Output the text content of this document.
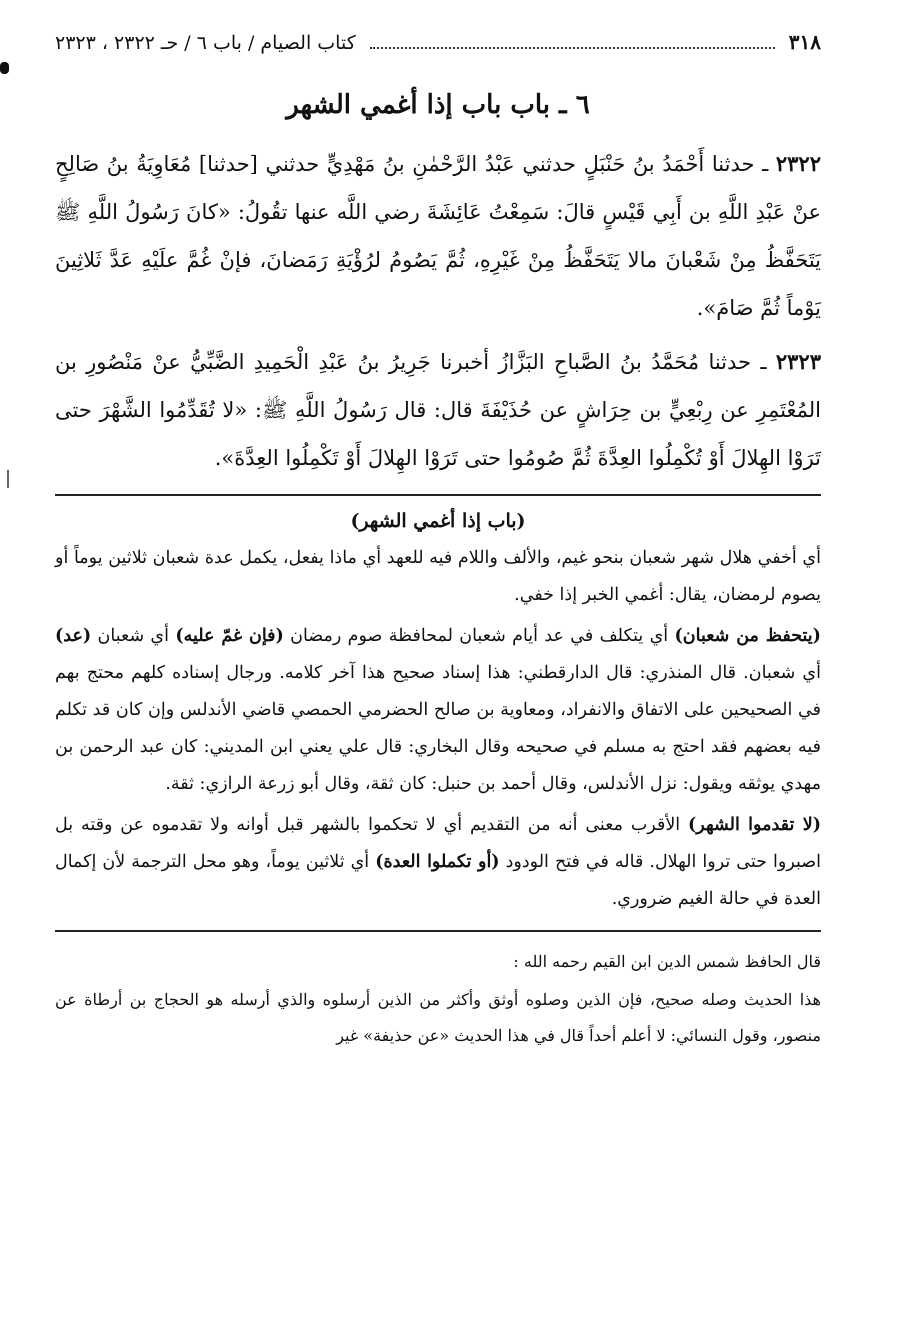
٣١٨
كتاب الصيام / باب ٦ / حـ ٢٣٢٢ ، ٢٣٢٣
٦ ـ باب باب إذا أغمي الشهر

٢٣٢٢ ـ حدثنا أَحْمَدُ بنُ حَنْبَلٍ حدثني عَبْدُ الرَّحْمٰنِ بنُ مَهْدِيٍّ حدثني [حدثنا] مُعَاوِيَةُ بنُ صَالِحٍ عنْ عَبْدِ اللَّهِ بن أَبِي قَيْسٍ قالَ: سَمِعْتُ عَائِشَةَ رضي اللَّه عنها تقُولُ: «كانَ رَسُولُ اللَّهِ ﷺ يَتَحَفَّظُ مِنْ شَعْبانَ مالا يَتَحَفَّظُ مِنْ غَيْرِهِ، ثُمَّ يَصُومُ لرُؤْيَةِ رَمَضانَ، فإنْ غُمَّ علَيْهِ عَدَّ ثَلاثِينَ يَوْماً ثُمَّ صَامَ».

٢٣٢٣ ـ حدثنا مُحَمَّدُ بنُ الصَّباحِ البَزَّازُ أخبرنا جَرِيرُ بنُ عَبْدِ الْحَمِيدِ الضَّبِّيُّ عنْ مَنْصُورِ بن المُعْتَمِرِ عن رِبْعِيٍّ بن حِرَاشٍ عن حُذَيْفَةَ قال: قال رَسُولُ اللَّهِ ﷺ: «لا تُقَدِّمُوا الشَّهْرَ حتى تَرَوْا الهِلالَ أَوْ تُكْمِلُوا العِدَّةَ ثُمَّ صُومُوا حتى تَرَوْا الهِلالَ أَوْ تَكْمِلُوا العِدَّةَ».

(باب إذا أغمي الشهر)

أي أخفي هلال شهر شعبان بنحو غيم، والألف واللام فيه للعهد أي ماذا يفعل، يكمل عدة شعبان ثلاثين يوماً أو يصوم لرمضان، يقال: أغمي الخبر إذا خفي.

(يتحفظ من شعبان) أي يتكلف في عد أيام شعبان لمحافظة صوم رمضان (فإن غمّ عليه) أي شعبان (عد) أي شعبان. قال المنذري: قال الدارقطني: هذا إسناد صحيح هذا آخر كلامه. ورجال إسناده كلهم محتج بهم في الصحيحين على الاتفاق والانفراد، ومعاوية بن صالح الحضرمي الحمصي قاضي الأندلس وإن كان قد تكلم فيه بعضهم فقد احتج به مسلم في صحيحه وقال البخاري: قال علي يعني ابن المديني: كان عبد الرحمن بن مهدي يوثقه ويقول: نزل الأندلس، وقال أحمد بن حنبل: كان ثقة، وقال أبو زرعة الرازي: ثقة.

(لا تقدموا الشهر) الأقرب معنى أنه من التقديم أي لا تحكموا بالشهر قبل أوانه ولا تقدموه عن وقته بل اصبروا حتى تروا الهلال. قاله في فتح الودود (أو تكملوا العدة) أي ثلاثين يوماً، وهو محل الترجمة لأن إكمال العدة في حالة الغيم ضروري.

قال الحافظ شمس الدين ابن القيم رحمه الله :

هذا الحديث وصله صحيح، فإن الذين وصلوه أوثق وأكثر من الذين أرسلوه والذي أرسله هو الحجاج بن أرطاة عن منصور، وقول النسائي: لا أعلم أحداً قال في هذا الحديث «عن حذيفة» غير
